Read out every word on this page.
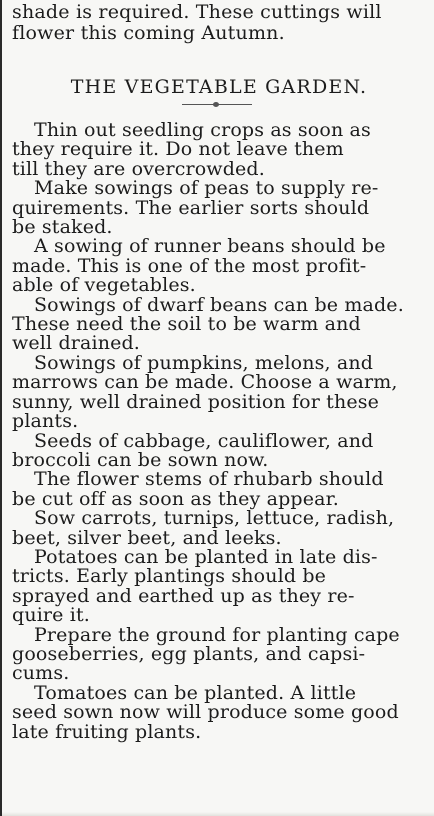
shade is required. These cuttings will
flower this coming Autumn.
THE VEGETABLE GARDEN.
Thin out seedling crops as soon as
they require it. Do not leave them
till they are overcrowded.
Make sowings of peas to supply re-
quirements. The earlier sorts should
be staked.
A sowing of runner beans should be
made. This is one of the most profit-
able of vegetables.
Sowings of dwarf beans can be made.
These need the soil to be warm and
well drained.
Sowings of pumpkins, melons, and
marrows can be made. Choose a warm,
sunny, well drained position for these
plants.
Seeds of cabbage, cauliflower, and
broccoli can be sown now.
The flower stems of rhubarb should
be cut off as soon as they appear.
Sow carrots, turnips, lettuce, radish,
beet, silver beet, and leeks.
Potatoes can be planted in late dis-
tricts. Early plantings should be
sprayed and earthed up as they re-
quire it.
Prepare the ground for planting cape
gooseberries, egg plants, and capsi-
cums.
Tomatoes can be planted. A little
seed sown now will produce some good
late fruiting plants.
